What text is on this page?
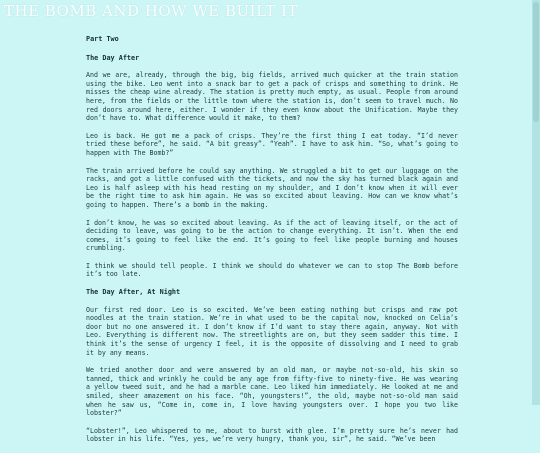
THE BOMB AND HOW WE BUILT IT
Part Two
The Day After

And we are, already, through the big, big fields, arrived much quicker at the train station using the bike. Leo went into a snack bar to get a pack of crisps and something to drink. He misses the cheap wine already. The station is pretty much empty, as usual. People from around here, from the fields or the little town where the station is, don’t seem to travel much. No red doors around here, either. I wonder if they even know about the Unification. Maybe they don’t have to. What difference would it make, to them?

Leo is back. He got me a pack of crisps. They’re the first thing I eat today. “I’d never tried these before”, he said. “A bit greasy”. “Yeah”. I have to ask him. “So, what’s going to happen with The Bomb?”

The train arrived before he could say anything. We struggled a bit to get our luggage on the racks, and got a little confused with the tickets, and now the sky has turned black again and Leo is half asleep with his head resting on my shoulder, and I don’t know when it will ever be the right time to ask him again. He was so excited about leaving. How can we know what’s going to happen. There’s a bomb in the making.

I don’t know, he was so excited about leaving. As if the act of leaving itself, or the act of deciding to leave, was going to be the action to change everything. It isn’t. When the end comes, it’s going to feel like the end. It’s going to feel like people burning and houses crumbling.

I think we should tell people. I think we should do whatever we can to stop The Bomb before it’s too late.

The Day After, At Night

Our first red door. Leo is so excited. We’ve been eating nothing but crisps and raw pot noodles at the train station. We’re in what used to be the capital now, knocked on Celia’s door but no one answered it. I don’t know if I’d want to stay there again, anyway. Not with Leo. Everything is different now. The streetlights are on, but they seem sadder this time. I think it’s the sense of urgency I feel, it is the opposite of dissolving and I need to grab it by any means.

We tried another door and were answered by an old man, or maybe not-so-old, his skin so tanned, thick and wrinkly he could be any age from fifty-five to ninety-five. He was wearing a yellow tweed suit, and he had a marble cane. Leo liked him immediately. He looked at me and smiled, sheer amazement on his face. “Oh, youngsters!”, the old, maybe not-so-old man said when he saw us, “Come in, come in, I love having youngsters over. I hope you two like lobster?”

“Lobster!”, Leo whispered to me, about to burst with glee. I’m pretty sure he’s never had lobster in his life. “Yes, yes, we’re very hungry, thank you, sir”, he said. “We’ve been
